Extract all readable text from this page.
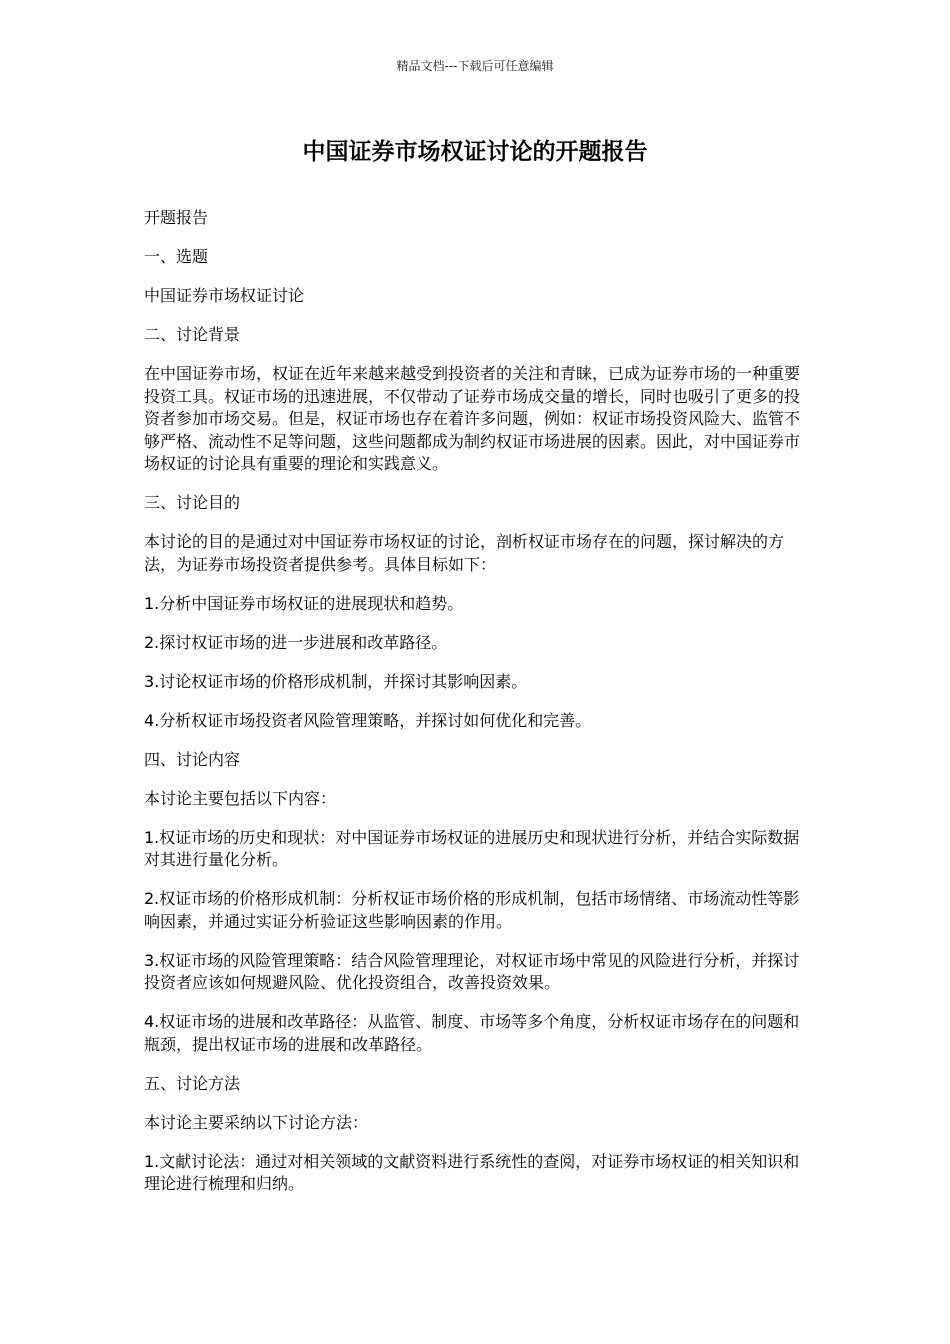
精品文档---下载后可任意编辑
中国证券市场权证讨论的开题报告

开题报告

一、选题

中国证券市场权证讨论

二、讨论背景

在中国证券市场，权证在近年来越来越受到投资者的关注和青睐，已成为证券市场的一种重要投资工具。权证市场的迅速进展，不仅带动了证券市场成交量的增长，同时也吸引了更多的投资者参加市场交易。但是，权证市场也存在着许多问题，例如：权证市场投资风险大、监管不够严格、流动性不足等问题，这些问题都成为制约权证市场进展的因素。因此，对中国证券市场权证的讨论具有重要的理论和实践意义。

三、讨论目的

本讨论的目的是通过对中国证券市场权证的讨论，剖析权证市场存在的问题，探讨解决的方法，为证券市场投资者提供参考。具体目标如下：

1.分析中国证券市场权证的进展现状和趋势。

2.探讨权证市场的进一步进展和改革路径。

3.讨论权证市场的价格形成机制，并探讨其影响因素。

4.分析权证市场投资者风险管理策略，并探讨如何优化和完善。

四、讨论内容

本讨论主要包括以下内容：

1.权证市场的历史和现状：对中国证券市场权证的进展历史和现状进行分析，并结合实际数据对其进行量化分析。

2.权证市场的价格形成机制：分析权证市场价格的形成机制，包括市场情绪、市场流动性等影响因素，并通过实证分析验证这些影响因素的作用。

3.权证市场的风险管理策略：结合风险管理理论，对权证市场中常见的风险进行分析，并探讨投资者应该如何规避风险、优化投资组合，改善投资效果。

4.权证市场的进展和改革路径：从监管、制度、市场等多个角度，分析权证市场存在的问题和瓶颈，提出权证市场的进展和改革路径。

五、讨论方法

本讨论主要采纳以下讨论方法：

1.文献讨论法：通过对相关领域的文献资料进行系统性的查阅，对证券市场权证的相关知识和理论进行梳理和归纳。
